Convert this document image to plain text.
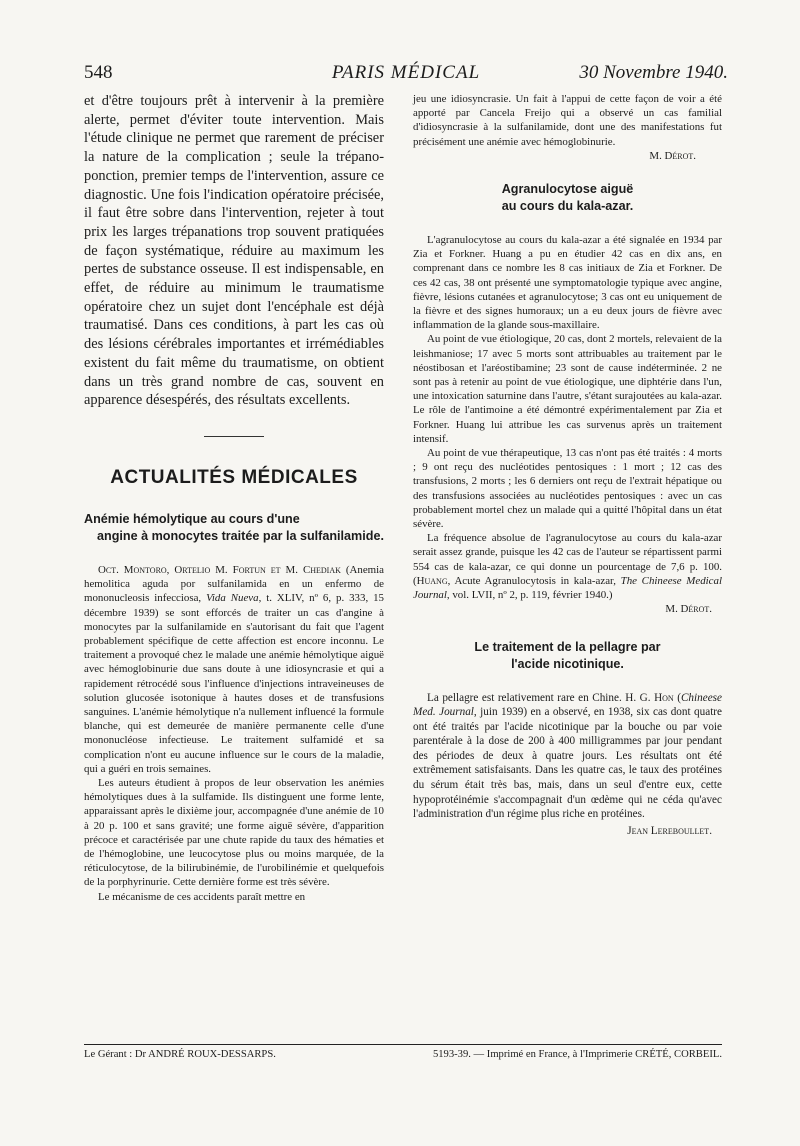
548	PARIS MÉDICAL	30 Novembre 1940.

et d'être toujours prêt à intervenir à la première alerte, permet d'éviter toute intervention. Mais l'étude clinique ne permet que rarement de préciser la nature de la complication ; seule la trépano-ponction, premier temps de l'intervention, assure ce diagnostic. Une fois l'indication opératoire précisée, il faut être sobre dans l'intervention, rejeter à tout prix les larges trépanations trop souvent pratiquées de façon systématique, réduire au maximum les pertes de substance osseuse. Il est indispensable, en effet, de réduire au minimum le traumatisme opératoire chez un sujet dont l'encéphale est déjà traumatisé. Dans ces conditions, à part les cas où des lésions cérébrales importantes et irrémédiables existent du fait même du traumatisme, on obtient dans un très grand nombre de cas, souvent en apparence désespérés, des résultats excellents.

ACTUALITÉS MÉDICALES
Anémie hémolytique au cours d'une
angine à monocytes traitée par la sulfanilamide.

Oct. Montoro, Ortelio M. Fortun et M. Chediak (Anemia hemolitica aguda por sulfanilamida en un enfermo de mononucleosis infecciosa, Vida Nueva, t. XLIV, nº 6, p. 333, 15 décembre 1939) se sont efforcés de traiter un cas d'angine à monocytes par la sulfanilamide en s'autorisant du fait que l'agent probablement spécifique de cette affection est encore inconnu. Le traitement a provoqué chez le malade une anémie hémolytique aiguë avec hémoglobinurie due sans doute à une idiosyncrasie et qui a rapidement rétrocédé sous l'influence d'injections intraveineuses de solution glucosée isotonique à hautes doses et de transfusions sanguines. L'anémie hémolytique n'a nullement influencé la formule blanche, qui est demeurée de manière permanente celle d'une mononucléose infectieuse. Le traitement sulfamidé et sa complication n'ont eu aucune influence sur le cours de la maladie, qui a guéri en trois semaines.

Les auteurs étudient à propos de leur observation les anémies hémolytiques dues à la sulfamide. Ils distinguent une forme lente, apparaissant après le dixième jour, accompagnée d'une anémie de 10 à 20 p. 100 et sans gravité; une forme aiguë sévère, d'apparition précoce et caractérisée par une chute rapide du taux des hématies et de l'hémoglobine, une leucocytose plus ou moins marquée, de la réticulocytose, de la bilirubinémie, de l'urobilinémie et quelquefois de la porphyrinurie. Cette dernière forme est très sévère.

Le mécanisme de ces accidents paraît mettre en

jeu une idiosyncrasie. Un fait à l'appui de cette façon de voir a été apporté par Cancela Freijo qui a observé un cas familial d'idiosyncrasie à la sulfanilamide, dont une des manifestations fut précisément une anémie avec hémoglobinurie.

M. Dérot.
Agranulocytose aiguë
au cours du kala-azar.

L'agranulocytose au cours du kala-azar a été signalée en 1934 par Zia et Forkner. Huang a pu en étudier 42 cas en dix ans, en comprenant dans ce nombre les 8 cas initiaux de Zia et Forkner. De ces 42 cas, 38 ont présenté une symptomatologie typique avec angine, fièvre, lésions cutanées et agranulocytose; 3 cas ont eu uniquement de la fièvre et des signes humoraux; un a eu deux jours de fièvre avec inflammation de la glande sous-maxillaire.

Au point de vue étiologique, 20 cas, dont 2 mortels, relevaient de la leishmaniose; 17 avec 5 morts sont attribuables au traitement par le néostibosan et l'aréostibamine; 23 sont de cause indéterminée. 2 ne sont pas à retenir au point de vue étiologique, une diphtérie dans l'un, une intoxication saturnine dans l'autre, s'étant surajoutées au kala-azar. Le rôle de l'antimoine a été démontré expérimentalement par Zia et Forkner. Huang lui attribue les cas survenus après un traitement intensif.

Au point de vue thérapeutique, 13 cas n'ont pas été traités : 4 morts ; 9 ont reçu des nucléotides pentosiques : 1 mort ; 12 cas des transfusions, 2 morts ; les 6 derniers ont reçu de l'extrait hépatique ou des transfusions associées au nucléotides pentosiques : avec un cas probablement mortel chez un malade qui a quitté l'hôpital dans un état sévère.

La fréquence absolue de l'agranulocytose au cours du kala-azar serait assez grande, puisque les 42 cas de l'auteur se répartissent parmi 554 cas de kala-azar, ce qui donne un pourcentage de 7,6 p. 100. (Huang, Acute Agranulocytosis in kala-azar, The Chineese Medical Journal, vol. LVII, nº 2, p. 119, février 1940.)

M. Dérot.
Le traitement de la pellagre par
l'acide nicotinique.

La pellagre est relativement rare en Chine. H. G. Hon (Chineese Med. Journal, juin 1939) en a observé, en 1938, six cas dont quatre ont été traités par l'acide nicotinique par la bouche ou par voie parentérale à la dose de 200 à 400 milligrammes par jour pendant des périodes de deux à quatre jours. Les résultats ont été extrêmement satisfaisants. Dans les quatre cas, le taux des protéines du sérum était très bas, mais, dans un seul d'entre eux, cette hypoprotéinémie s'accompagnait d'un œdème qui ne céda qu'avec l'administration d'un régime plus riche en protéines.

Jean Lereboullet.
Le Gérant : Dr ANDRÉ ROUX-DESSARPS.	5193-39. — Imprimé en France, à l'Imprimerie CRÉTÉ, CORBEIL.
